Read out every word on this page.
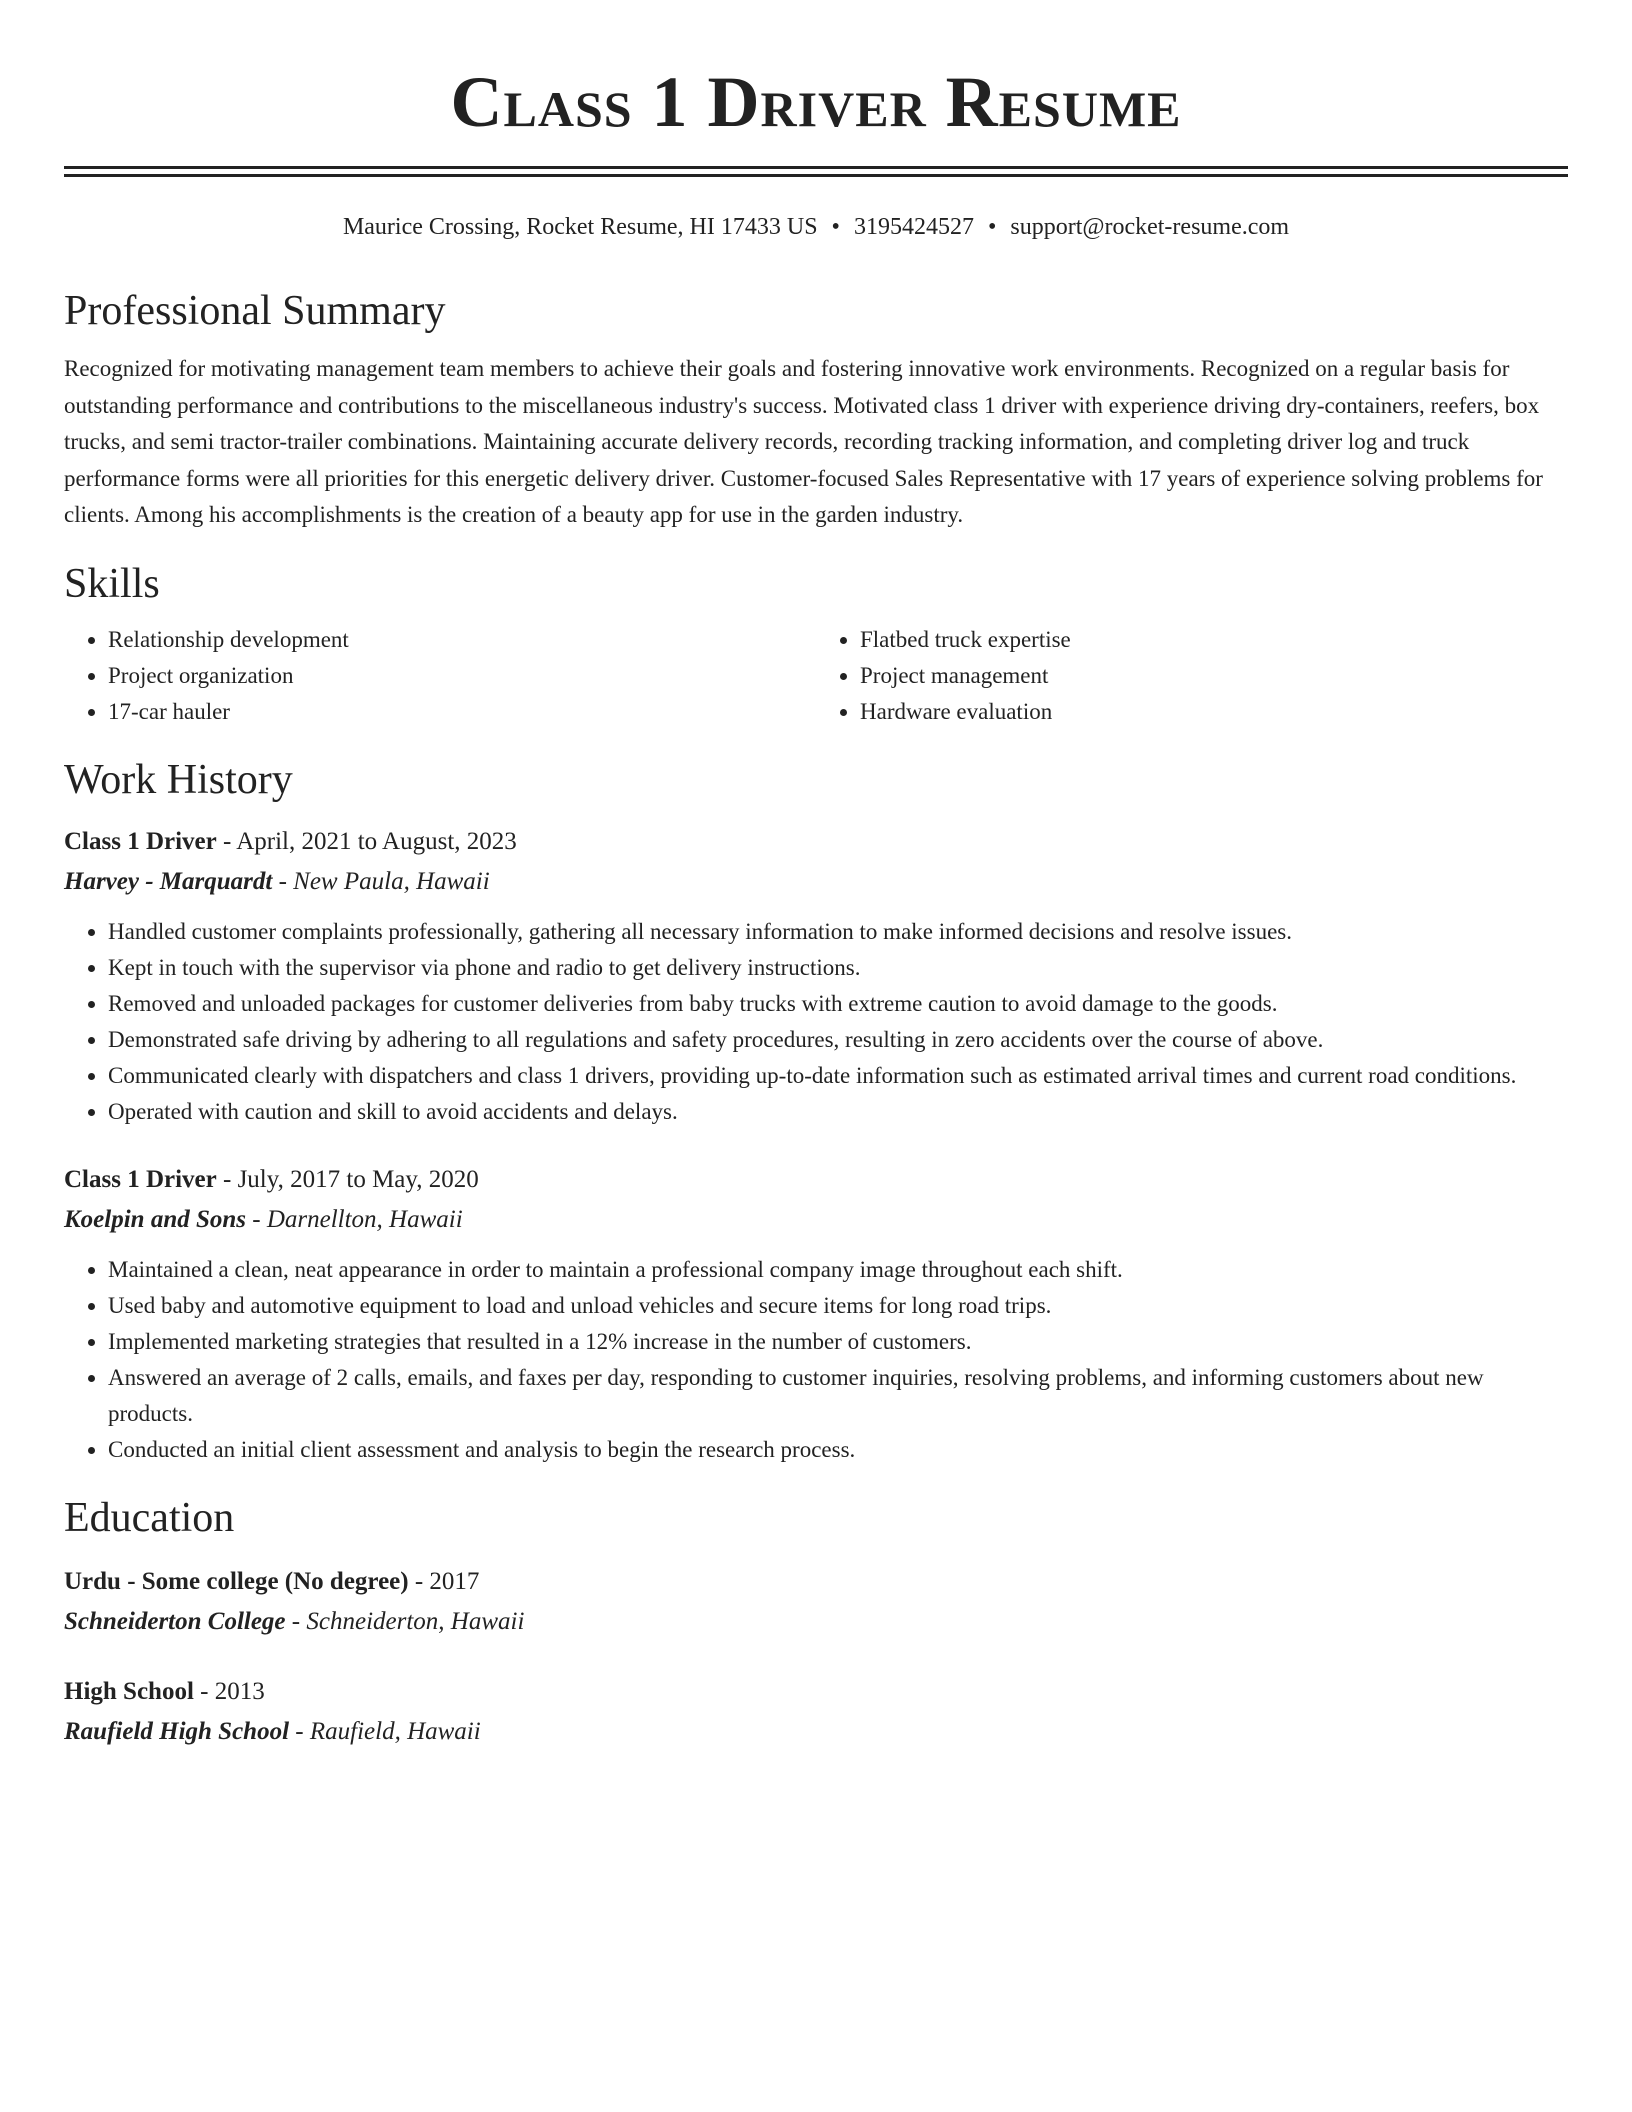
Class 1 Driver Resume
Maurice Crossing, Rocket Resume, HI 17433 US • 3195424527 • support@rocket-resume.com
Professional Summary

Recognized for motivating management team members to achieve their goals and fostering innovative work environments. Recognized on a regular basis for outstanding performance and contributions to the miscellaneous industry's success. Motivated class 1 driver with experience driving dry-containers, reefers, box trucks, and semi tractor-trailer combinations. Maintaining accurate delivery records, recording tracking information, and completing driver log and truck performance forms were all priorities for this energetic delivery driver. Customer-focused Sales Representative with 17 years of experience solving problems for clients. Among his accomplishments is the creation of a beauty app for use in the garden industry.

Skills
• Relationship development
• Project organization
• 17-car hauler
• Flatbed truck expertise
• Project management
• Hardware evaluation
Work History

Class 1 Driver - April, 2021 to August, 2023

Harvey - Marquardt - New Paula, Hawaii

• Handled customer complaints professionally, gathering all necessary information to make informed decisions and resolve issues.
• Kept in touch with the supervisor via phone and radio to get delivery instructions.
• Removed and unloaded packages for customer deliveries from baby trucks with extreme caution to avoid damage to the goods.
• Demonstrated safe driving by adhering to all regulations and safety procedures, resulting in zero accidents over the course of above.
• Communicated clearly with dispatchers and class 1 drivers, providing up-to-date information such as estimated arrival times and current road conditions.
• Operated with caution and skill to avoid accidents and delays.

Class 1 Driver - July, 2017 to May, 2020

Koelpin and Sons - Darnellton, Hawaii

• Maintained a clean, neat appearance in order to maintain a professional company image throughout each shift.
• Used baby and automotive equipment to load and unload vehicles and secure items for long road trips.
• Implemented marketing strategies that resulted in a 12% increase in the number of customers.
• Answered an average of 2 calls, emails, and faxes per day, responding to customer inquiries, resolving problems, and informing customers about new products.
• Conducted an initial client assessment and analysis to begin the research process.
Education

Urdu - Some college (No degree) - 2017

Schneiderton College - Schneiderton, Hawaii

High School - 2013

Raufield High School - Raufield, Hawaii
